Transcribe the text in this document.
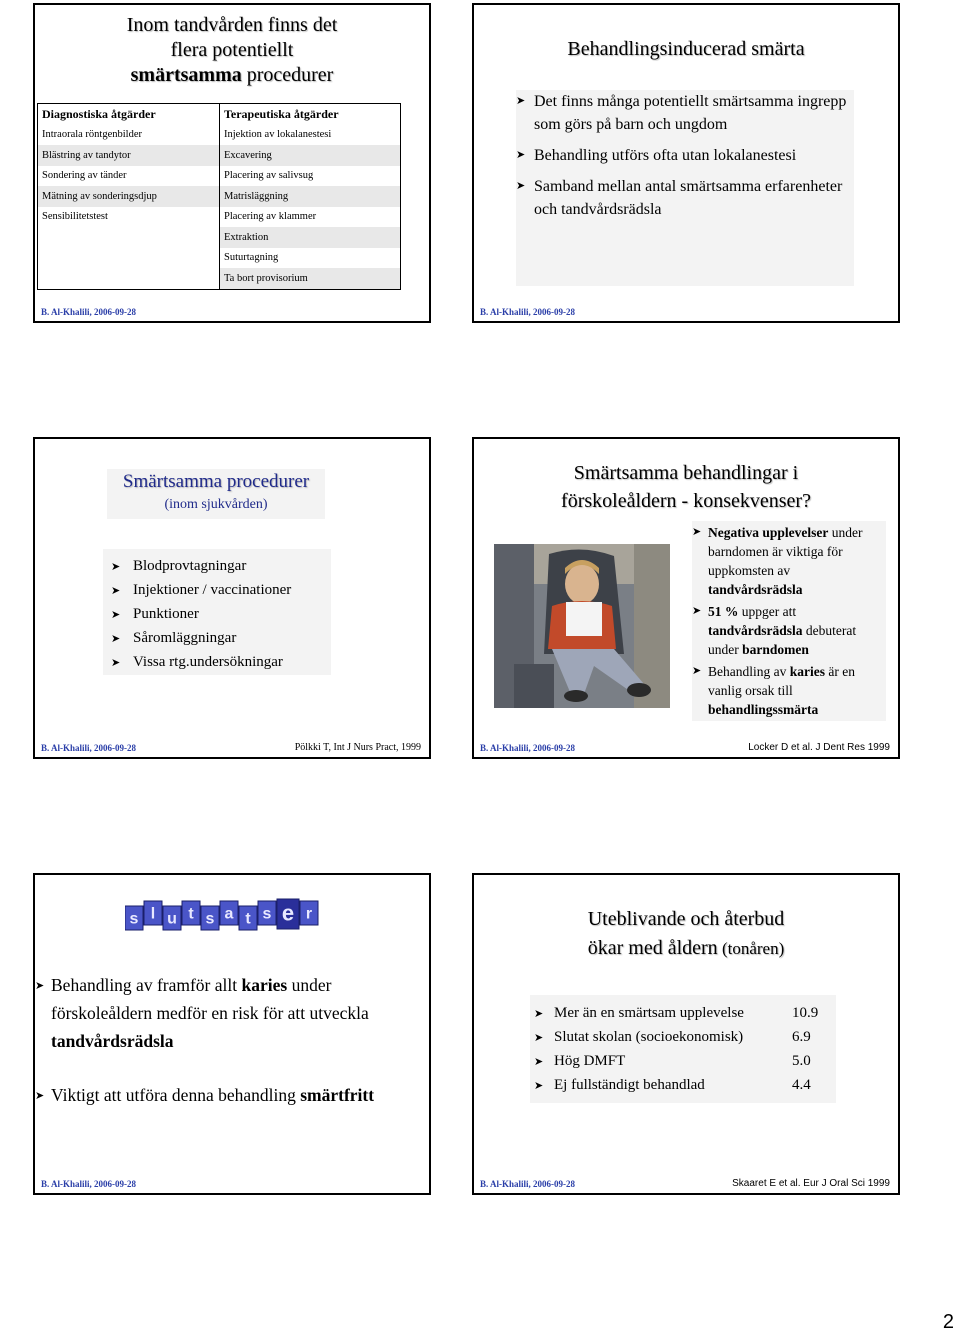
Inom tandvården finns det
flera potentiellt
smärtsamma procedurer
Diagnostiska åtgärder	Terapeutiska åtgärder
Intraorala röntgenbilder	Injektion av lokalanestesi
Blästring av tandytor	Excavering
Sondering av tänder	Placering av salivsug
Mätning av sonderingsdjup	Matrisläggning
Sensibilitetstest	Placering av klammer
	Extraktion
	Suturtagning
	Ta bort provisorium
B. Al-Khalili, 2006-09-28
Behandlingsinducerad smärta
➤ Det finns många potentiellt smärtsamma ingrepp som görs på barn och ungdom
➤ Behandling utförs ofta utan lokalanestesi
➤ Samband mellan antal smärtsamma erfarenheter och tandvårdsrädsla
B. Al-Khalili, 2006-09-28
Smärtsamma procedurer
(inom sjukvården)
➤ Blodprovtagningar
➤ Injektioner / vaccinationer
➤ Punktioner
➤ Såromläggningar
➤ Vissa rtg.undersökningar
Pölkki T, Int J Nurs Pract, 1999
B. Al-Khalili, 2006-09-28
Smärtsamma behandlingar i
förskoleåldern - konsekvenser?
➤ Negativa upplevelser under barndomen är viktiga för uppkomsten av tandvårdsrädsla
➤ 51 % uppger att tandvårdsrädsla debuterat under barndomen
➤ Behandling av karies är en vanlig orsak till behandlingssmärta
Locker D et al. J Dent Res 1999
B. Al-Khalili, 2006-09-28
s l u t s a t s e r
➤ Behandling av framför allt karies under förskoleåldern medför en risk för att utveckla tandvårdsrädsla
➤ Viktigt att utföra denna behandling smärtfritt
B. Al-Khalili, 2006-09-28
Uteblivande och återbud
ökar med åldern (tonåren)
➤ Mer än en smärtsam upplevelse	10.9
➤ Slutat skolan (socioekonomisk)	6.9
➤ Hög DMFT	5.0
➤ Ej fullständigt behandlad	4.4
Skaaret E et al. Eur J Oral Sci 1999
B. Al-Khalili, 2006-09-28
2
